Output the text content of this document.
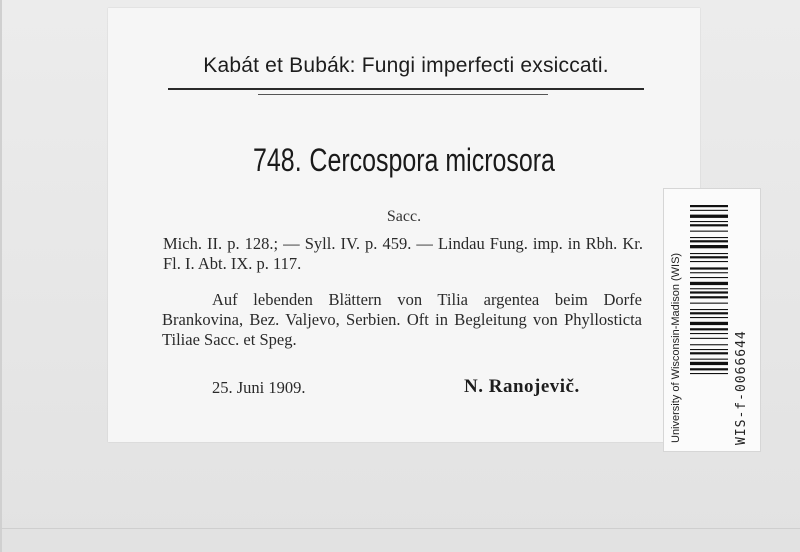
Kabát et Bubák: Fungi imperfecti exsiccati.
748. Cercospora microsora
Sacc.
Mich. II. p. 128.; — Syll. IV. p. 459. — Lindau Fung. imp. in Rbh. Kr. Fl. I. Abt. IX. p. 117.
Auf lebenden Blättern von Tilia argentea beim Dorfe Brankovina, Bez. Valjevo, Serbien. Oft in Begleitung von Phyllosticta Tiliae Sacc. et Speg.
25. Juni 1909.	N. Ranojevič.	University of Wisconsin-Madison (WIS)	WIS-f-0066644
